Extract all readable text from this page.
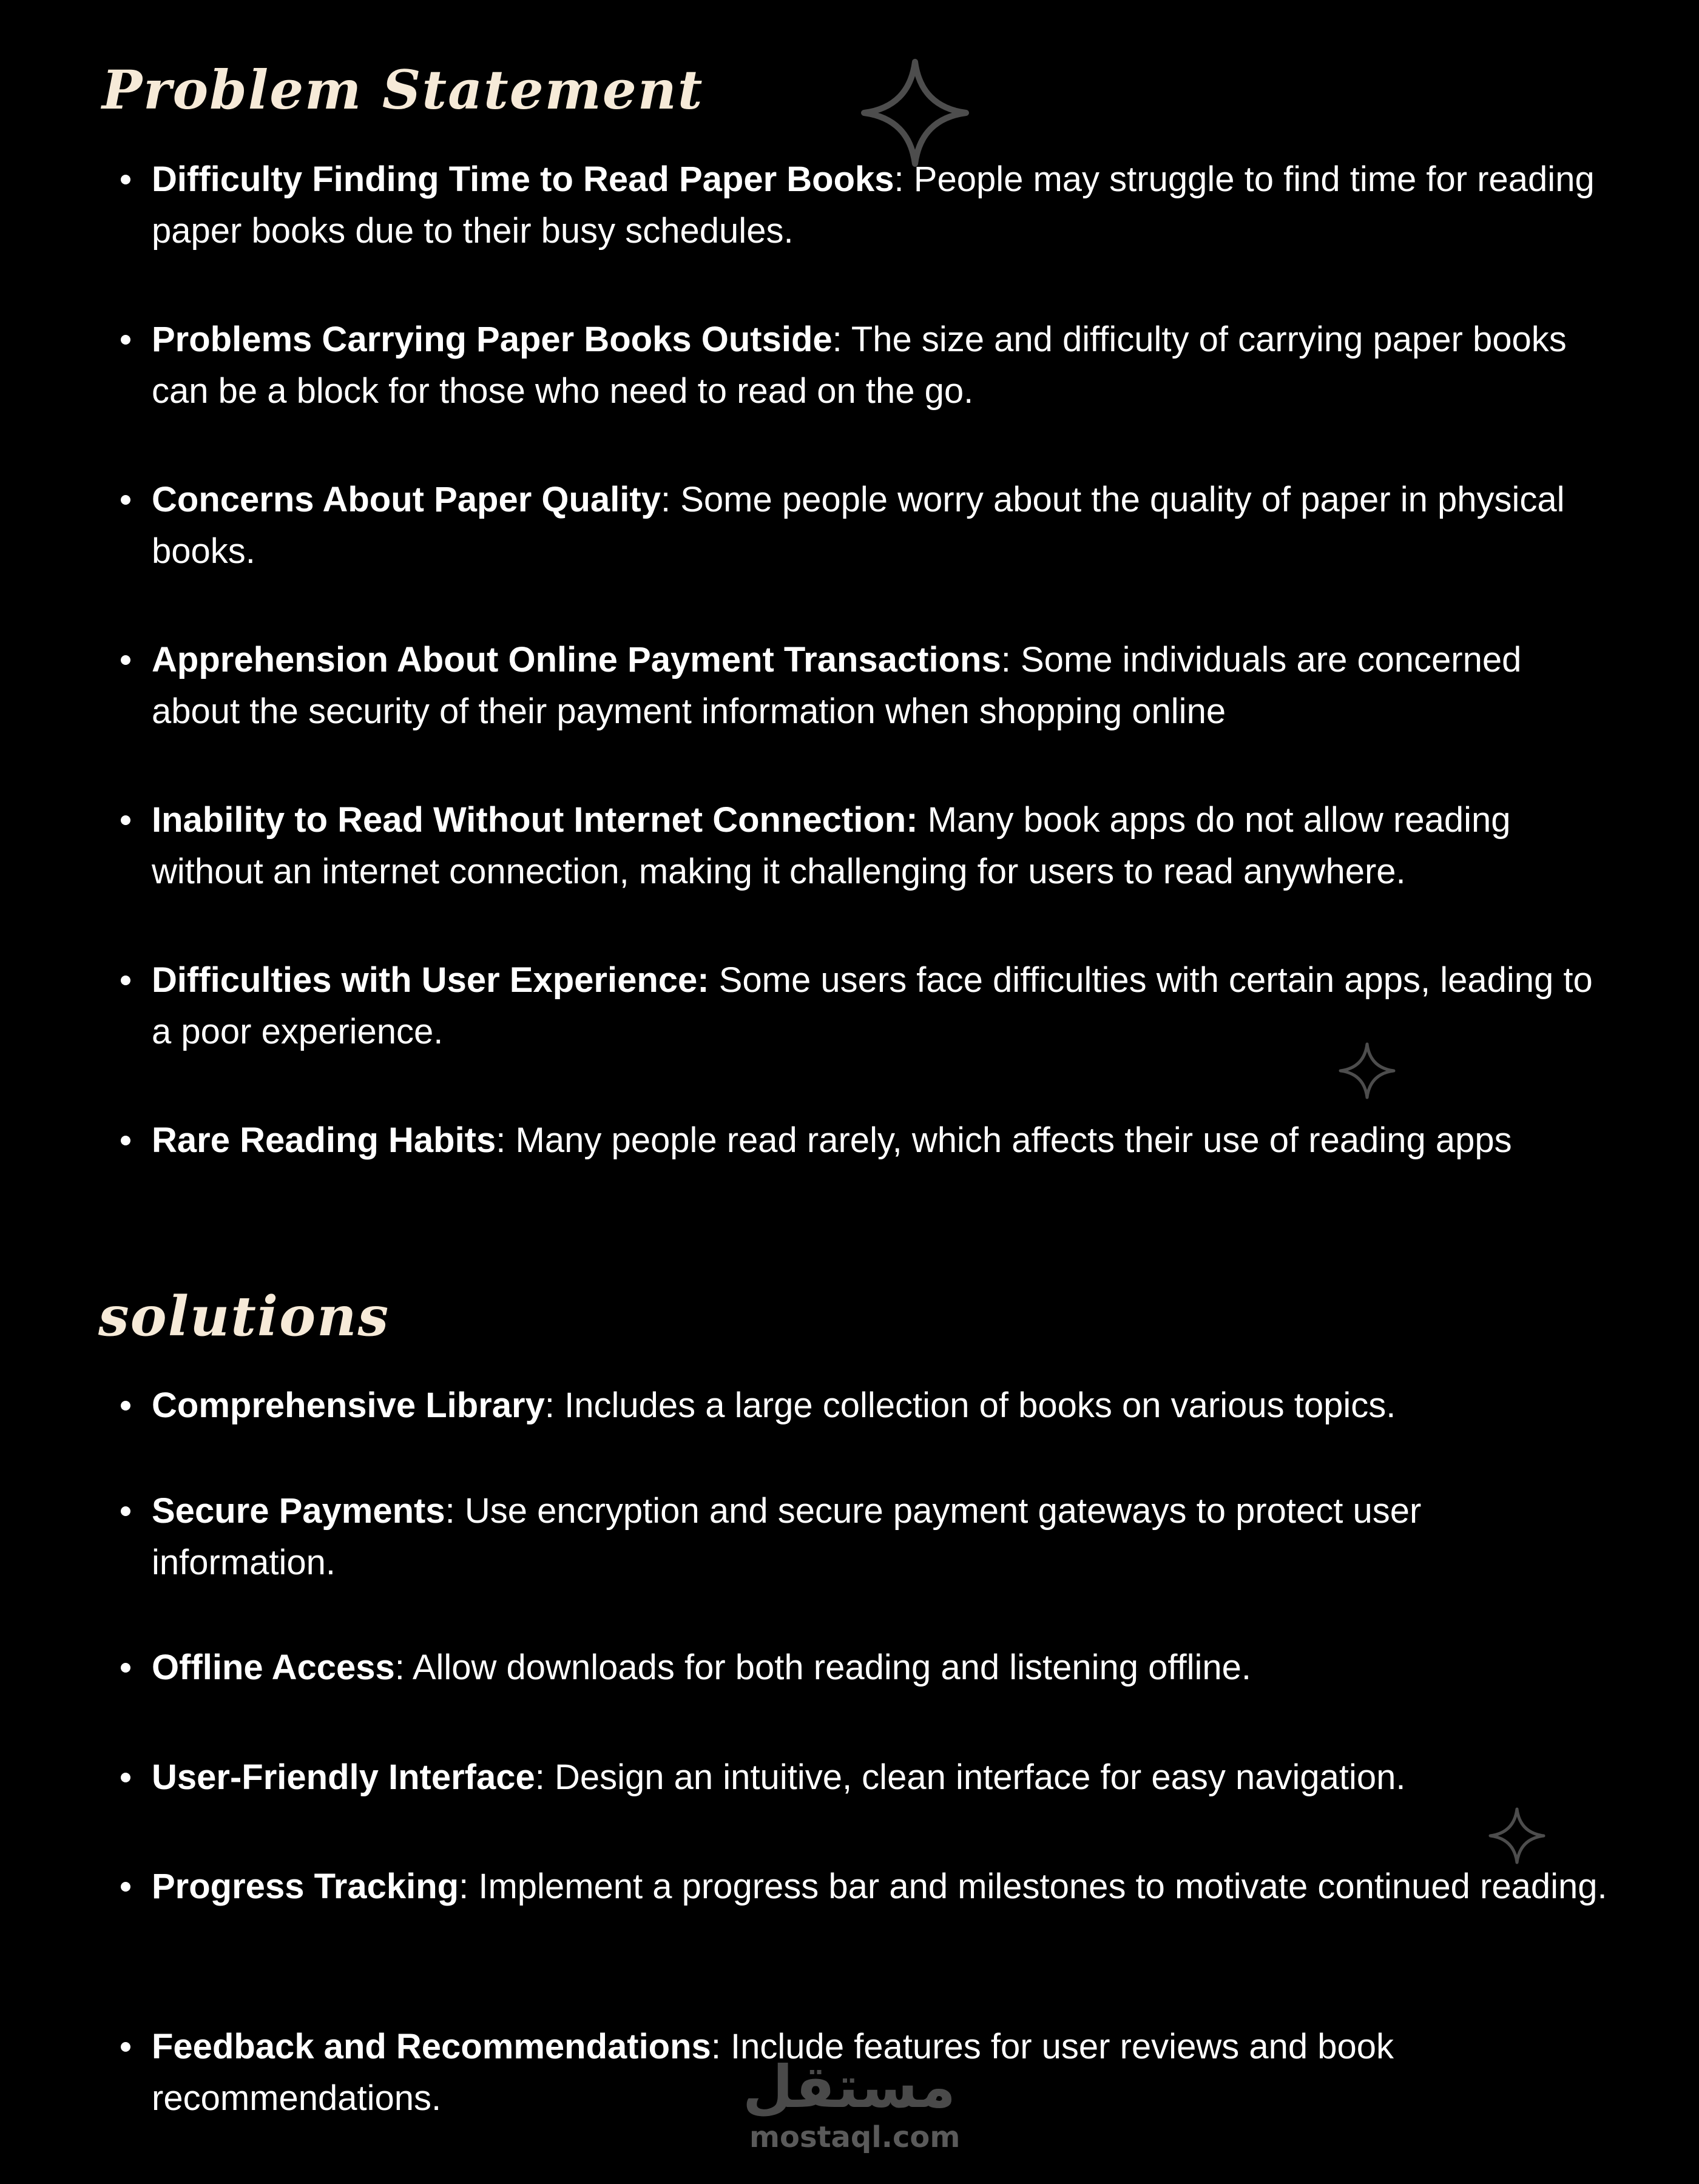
Problem Statement
Difficulty Finding Time to Read Paper Books: People may struggle to find time for reading paper books due to their busy schedules.
Problems Carrying Paper Books Outside: The size and difficulty of carrying paper books can be a block for those who need to read on the go.
Concerns About Paper Quality: Some people worry about the quality of paper in physical books.
Apprehension About Online Payment Transactions: Some individuals are concerned about the security of their payment information when shopping online
Inability to Read Without Internet Connection: Many book apps do not allow reading without an internet connection, making it challenging for users to read anywhere.
Difficulties with User Experience: Some users face difficulties with certain apps, leading to a poor experience.
Rare Reading Habits: Many people read rarely, which affects their use of reading apps
solutions
Comprehensive Library: Includes a large collection of books on various topics.
Secure Payments: Use encryption and secure payment gateways to protect user information.
Offline Access: Allow downloads for both reading and listening offline.
User-Friendly Interface: Design an intuitive, clean interface for easy navigation.
Progress Tracking: Implement a progress bar and milestones to motivate continued reading.
Feedback and Recommendations: Include features for user reviews and book recommendations.	مستقل
mostaql.com
